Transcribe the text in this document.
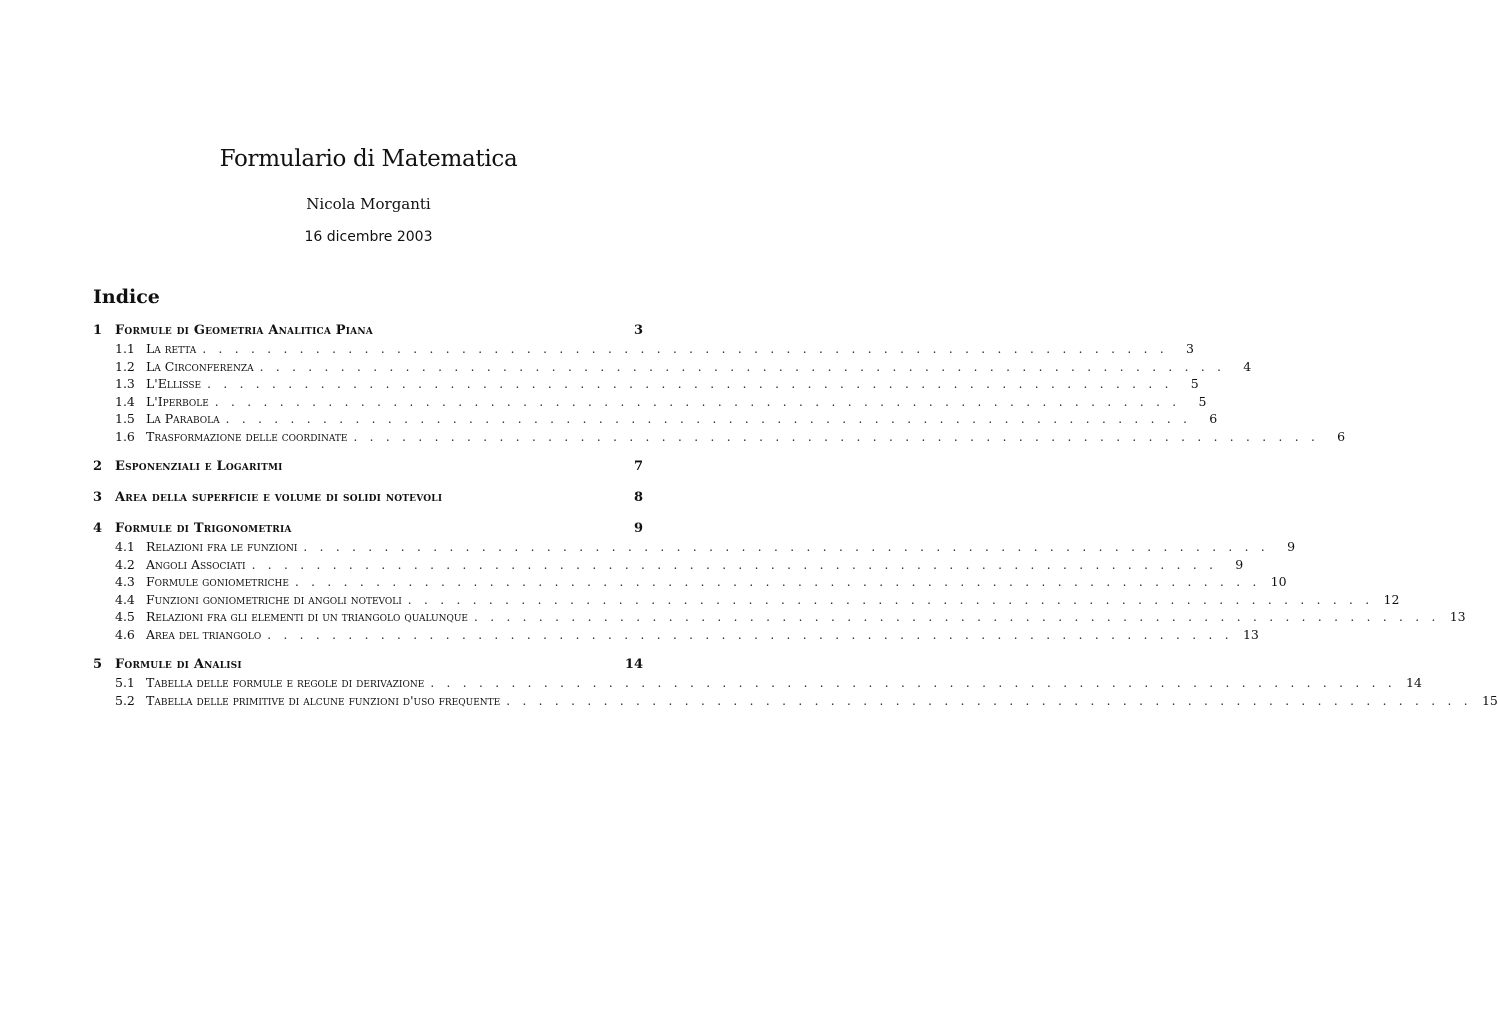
Formulario di Matematica
Nicola Morganti
16 dicembre 2003
Indice
1 Formule di Geometria Analitica Piana	3
1.1 La retta . . . . . . . . . . . . . . . . . . . . . . . . . . . . . . . . . . . . . . . . . . . . . . . . . . . . . . . . . . . .	3
1.2 La Circonferenza . . . . . . . . . . . . . . . . . . . . . . . . . . . . . . . . . . . . . . . . . . . . . . . . . . . . . . . . . . . .	4
1.3 L'Ellisse . . . . . . . . . . . . . . . . . . . . . . . . . . . . . . . . . . . . . . . . . . . . . . . . . . . . . . . . . . . .	5
1.4 L'Iperbole . . . . . . . . . . . . . . . . . . . . . . . . . . . . . . . . . . . . . . . . . . . . . . . . . . . . . . . . . . . .	5
1.5 La Parabola . . . . . . . . . . . . . . . . . . . . . . . . . . . . . . . . . . . . . . . . . . . . . . . . . . . . . . . . . . . .	6
1.6 Trasformazione delle coordinate . . . . . . . . . . . . . . . . . . . . . . . . . . . . . . . . . . . . . . . . . . . . . . . . . . . . . . . . . . . .	6
2 Esponenziali e Logaritmi	7
3 Area della superficie e volume di solidi notevoli	8
4 Formule di Trigonometria	9
4.1 Relazioni fra le funzioni . . . . . . . . . . . . . . . . . . . . . . . . . . . . . . . . . . . . . . . . . . . . . . . . . . . . . . . . . . . .	9
4.2 Angoli Associati . . . . . . . . . . . . . . . . . . . . . . . . . . . . . . . . . . . . . . . . . . . . . . . . . . . . . . . . . . . .	9
4.3 Formule goniometriche . . . . . . . . . . . . . . . . . . . . . . . . . . . . . . . . . . . . . . . . . . . . . . . . . . . . . . . . . . . . 10
4.4 Funzioni goniometriche di angoli notevoli . . . . . . . . . . . . . . . . . . . . . . . . . . . . . . . . . . . . . . . . . . . . . . . . . . . . . . . . . . . . 12
4.5 Relazioni fra gli elementi di un triangolo qualunque . . . . . . . . . . . . . . . . . . . . . . . . . . . . . . . . . . . . . . . . . . . . . . . . . . . . . . . . . . . . 13
4.6 Area del triangolo . . . . . . . . . . . . . . . . . . . . . . . . . . . . . . . . . . . . . . . . . . . . . . . . . . . . . . . . . . . . 13
5 Formule di Analisi	14
5.1 Tabella delle formule e regole di derivazione . . . . . . . . . . . . . . . . . . . . . . . . . . . . . . . . . . . . . . . . . . . . . . . . . . . . . . . . . . . . 14
5.2 Tabella delle primitive di alcune funzioni d'uso frequente . . . . . . . . . . . . . . . . . . . . . . . . . . . . . . . . . . . . . . . . . . . . . . . . . . . . . . . . . . . . 15
